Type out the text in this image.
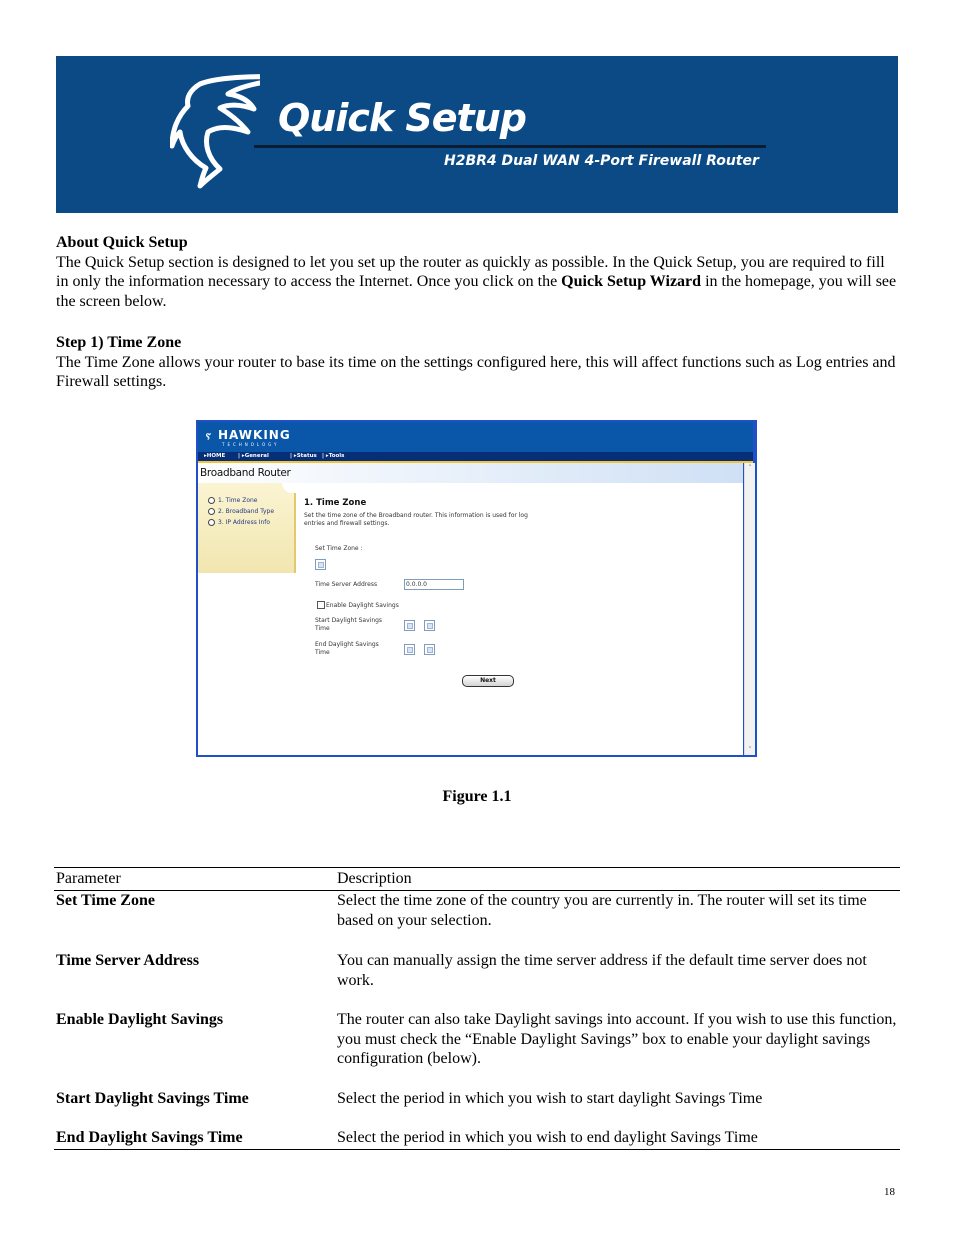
Quick Setup
H2BR4 Dual WAN 4-Port Firewall Router
About Quick Setup

The Quick Setup section is designed to let you set up the router as quickly as possible. In the Quick Setup, you are required to fill in only the information necessary to access the Internet. Once you click on the Quick Setup Wizard in the homepage, you will see the screen below.

Step 1) Time Zone

The Time Zone allows your router to base its time on the settings configured here, this will affect functions such as Log entries and Firewall settings.

ⲋ HAWKING
TECHNOLOGY
▸ HOME | ▸ General	| ▸ Status | ▸ Tools
Broadband Router
1. Time Zone
2. Broadband Type
3. IP Address Info
1. Time Zone
Set the time zone of the Broadband router. This information is used for log
entries and firewall settings.
Set Time Zone :
Time Server Address	0.0.0.0
Enable Daylight Savings
Start Daylight Savings
Time
End Daylight Savings
Time
Next
˄
˅
Figure 1.1
Parameter	Description
Set Time Zone	Select the time zone of the country you are currently in. The router will set its time based on your selection.
Time Server Address	You can manually assign the time server address if the default time server does not work.
Enable Daylight Savings	The router can also take Daylight savings into account. If you wish to use this function, you must check the “Enable Daylight Savings” box to enable your daylight savings configuration (below).
Start Daylight Savings Time	Select the period in which you wish to start daylight Savings Time
End Daylight Savings Time	Select the period in which you wish to end daylight Savings Time
18
